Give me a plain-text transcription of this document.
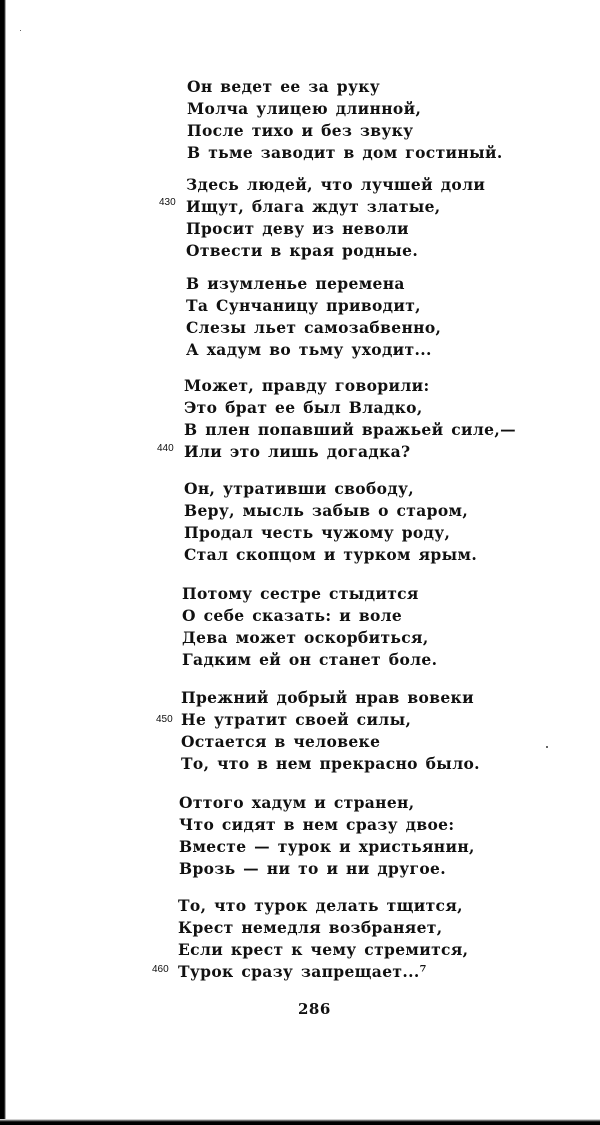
Он ведет ее за руку
Молча улицею длинной,
После тихо и без звуку
В тьме заводит в дом гостиный.
Здесь людей, что лучшей доли
Ищут, блага ждут златые,
Просит деву из неволи
Отвести в края родные.
В изумленье перемена
Та Сунчаницу приводит,
Слезы льет самозабвенно,
А хадум во тьму уходит...
Может, правду говорили:
Это брат ее был Владко,
В плен попавший вражьей силе,—
Или это лишь догадка?
Он, утративши свободу,
Веру, мысль забыв о старом,
Продал честь чужому роду,
Стал скопцом и турком ярым.
Потому сестре стыдится
О себе сказать: и воле
Дева может оскорбиться,
Гадким ей он станет боле.
Прежний добрый нрав вовеки
Не утратит своей силы,
Остается в человеке
То, что в нем прекрасно было.
Оттого хадум и странен,
Что сидят в нем сразу двое:
Вместе — турок и христьянин,
Врозь — ни то и ни другое.
То, что турок делать тщится,
Крест немедля возбраняет,
Если крест к чему стремится,
Турок сразу запрещает...⁷
430
440
450
460
286
